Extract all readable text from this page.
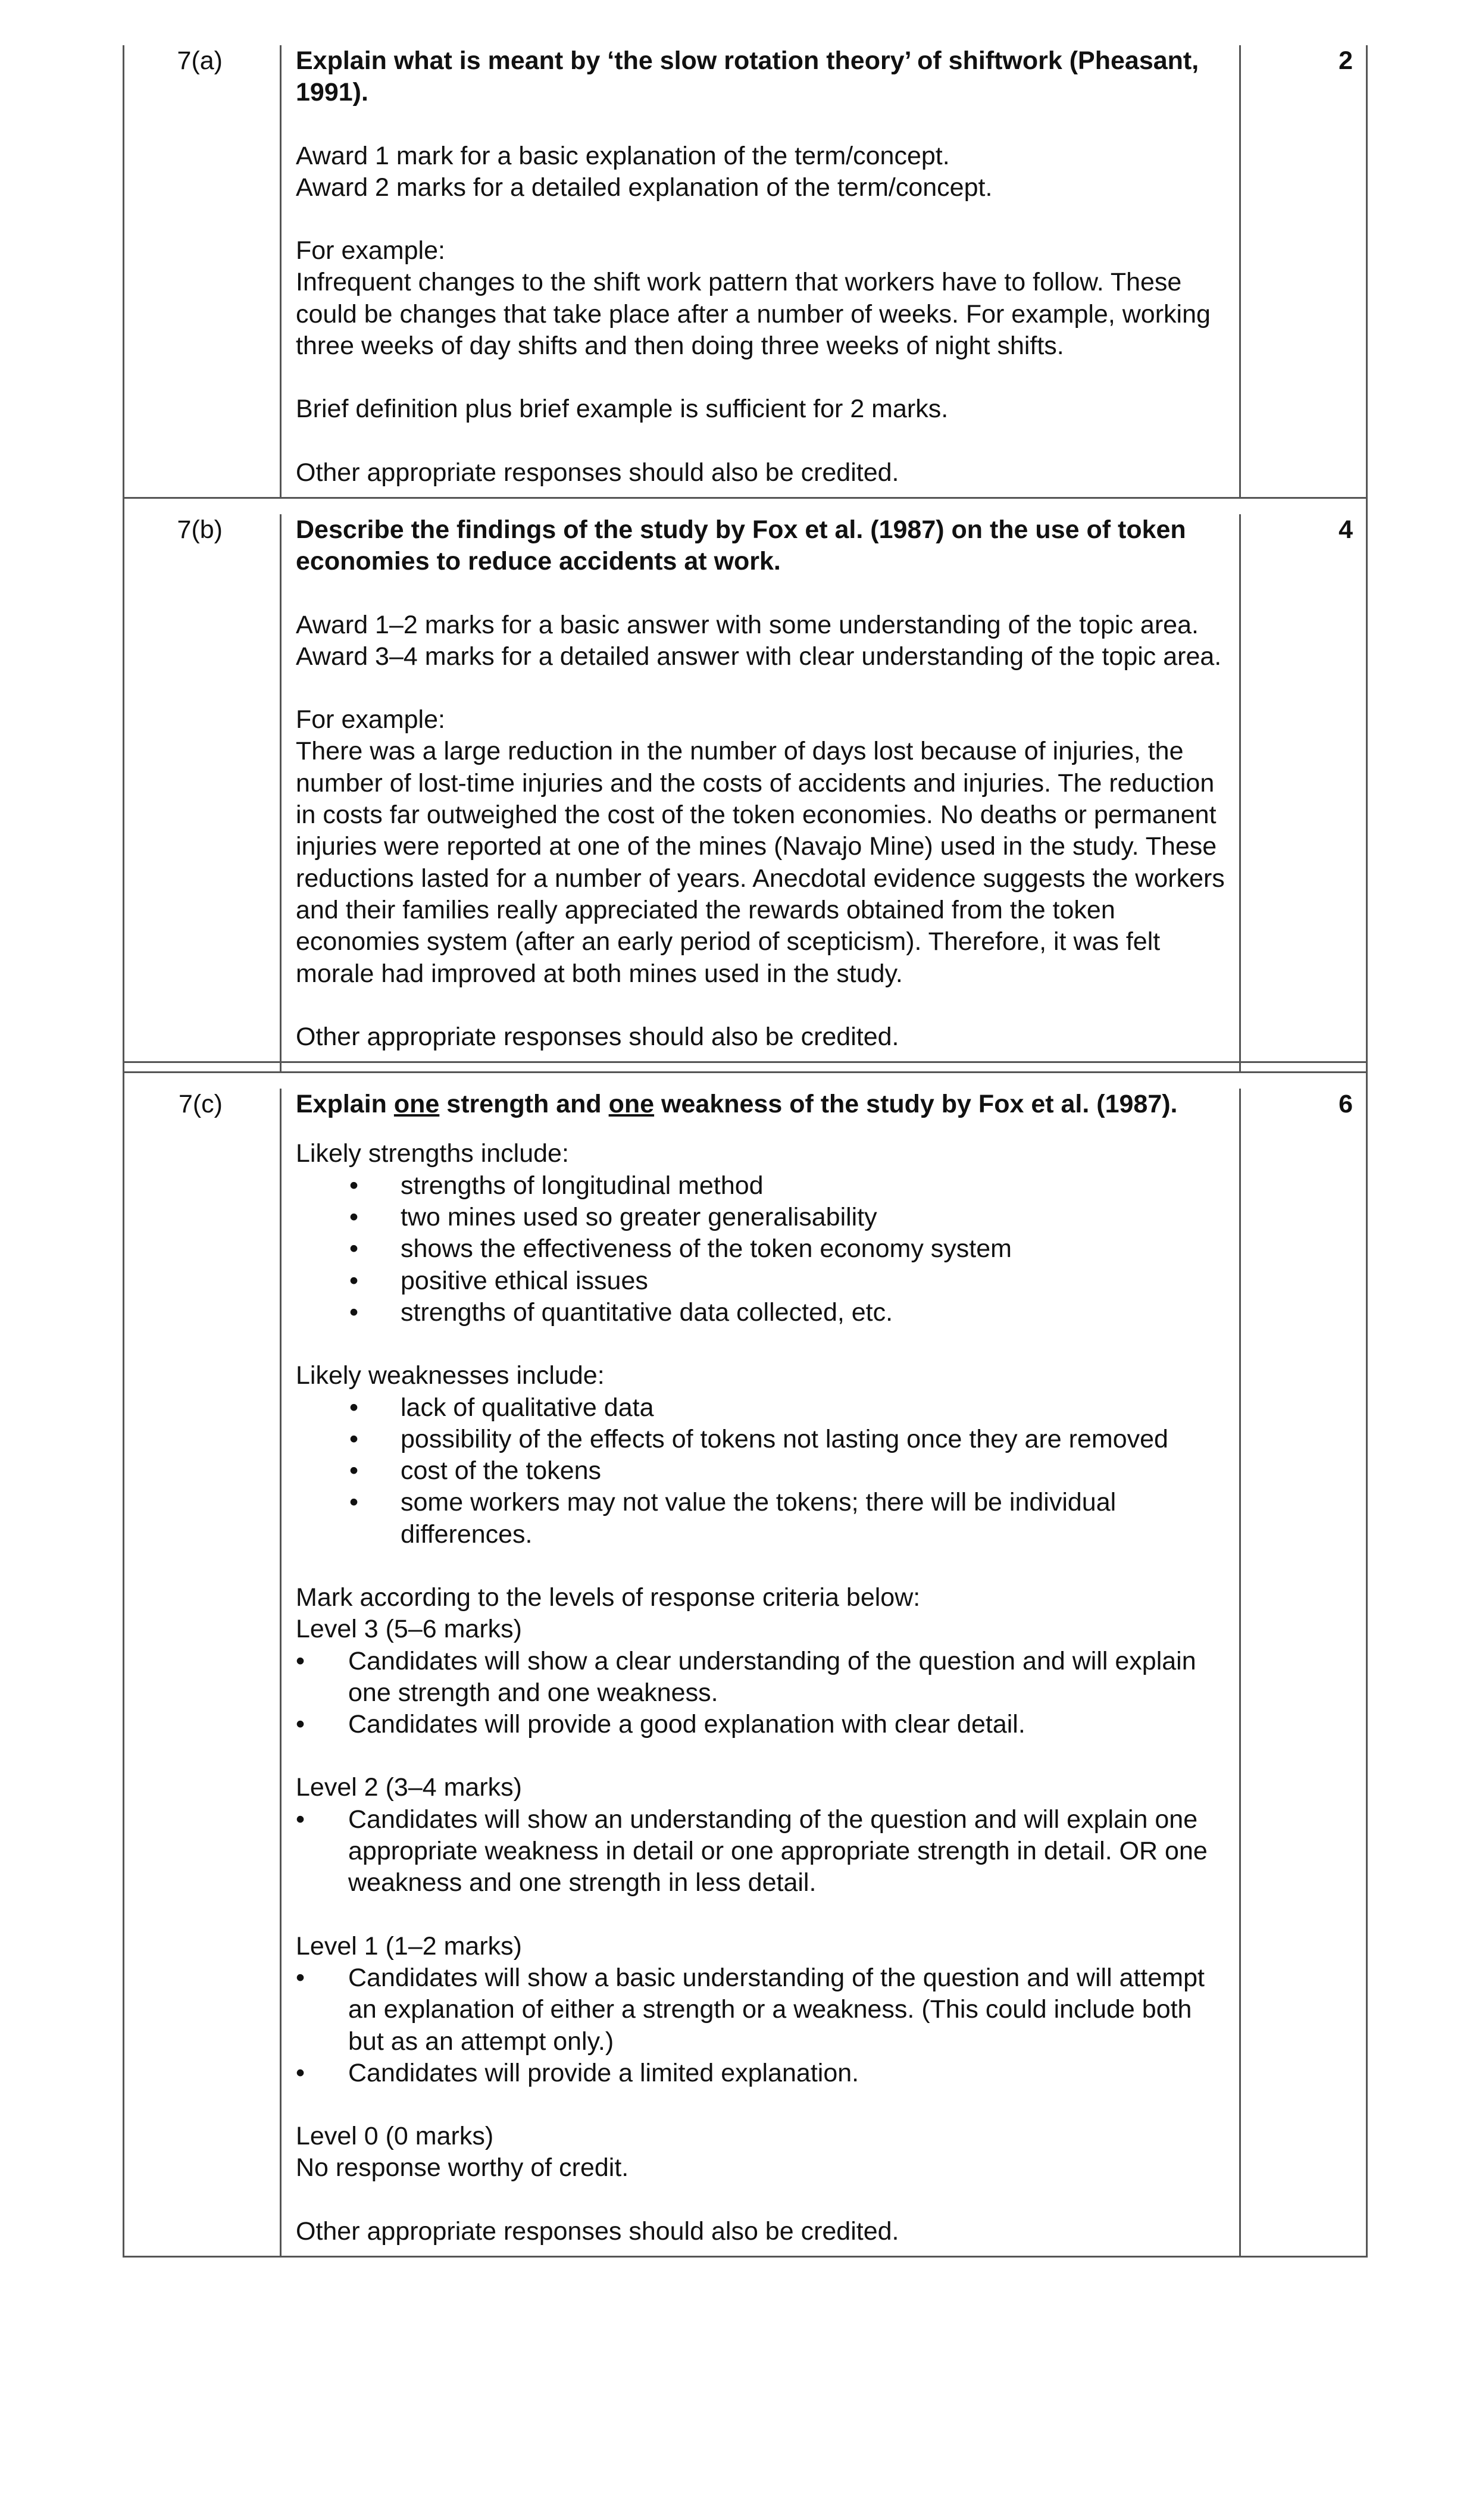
7(a)	Explain what is meant by ‘the slow rotation theory’ of shiftwork (Pheasant, 1991).

Award 1 mark for a basic explanation of the term/concept.

Award 2 marks for a detailed explanation of the term/concept.

For example:

Infrequent changes to the shift work pattern that workers have to follow. These could be changes that take place after a number of weeks. For example, working three weeks of day shifts and then doing three weeks of night shifts.

Brief definition plus brief example is sufficient for 2 marks.

Other appropriate responses should also be credited.

2
7(b)	Describe the findings of the study by Fox et al. (1987) on the use of token economies to reduce accidents at work.

Award 1–2 marks for a basic answer with some understanding of the topic area.

Award 3–4 marks for a detailed answer with clear understanding of the topic area.

For example:

There was a large reduction in the number of days lost because of injuries, the number of lost-time injuries and the costs of accidents and injuries. The reduction in costs far outweighed the cost of the token economies. No deaths or permanent injuries were reported at one of the mines (Navajo Mine) used in the study. These reductions lasted for a number of years. Anecdotal evidence suggests the workers and their families really appreciated the rewards obtained from the token economies system (after an early period of scepticism). Therefore, it was felt morale had improved at both mines used in the study.

Other appropriate responses should also be credited.

4
7(c)	Explain one strength and one weakness of the study by Fox et al. (1987).

Likely strengths include:

• strengths of longitudinal method
• two mines used so greater generalisability
• shows the effectiveness of the token economy system
• positive ethical issues
• strengths of quantitative data collected, etc.

Likely weaknesses include:

• lack of qualitative data
• possibility of the effects of tokens not lasting once they are removed
• cost of the tokens
• some workers may not value the tokens; there will be individual differences.

Mark according to the levels of response criteria below:

Level 3 (5–6 marks)

• Candidates will show a clear understanding of the question and will explain one strength and one weakness.
• Candidates will provide a good explanation with clear detail.

Level 2 (3–4 marks)

• Candidates will show an understanding of the question and will explain one appropriate weakness in detail or one appropriate strength in detail. OR one weakness and one strength in less detail.

Level 1 (1–2 marks)

• Candidates will show a basic understanding of the question and will attempt an explanation of either a strength or a weakness. (This could include both but as an attempt only.)
• Candidates will provide a limited explanation.

Level 0 (0 marks)

No response worthy of credit.

Other appropriate responses should also be credited.

6
